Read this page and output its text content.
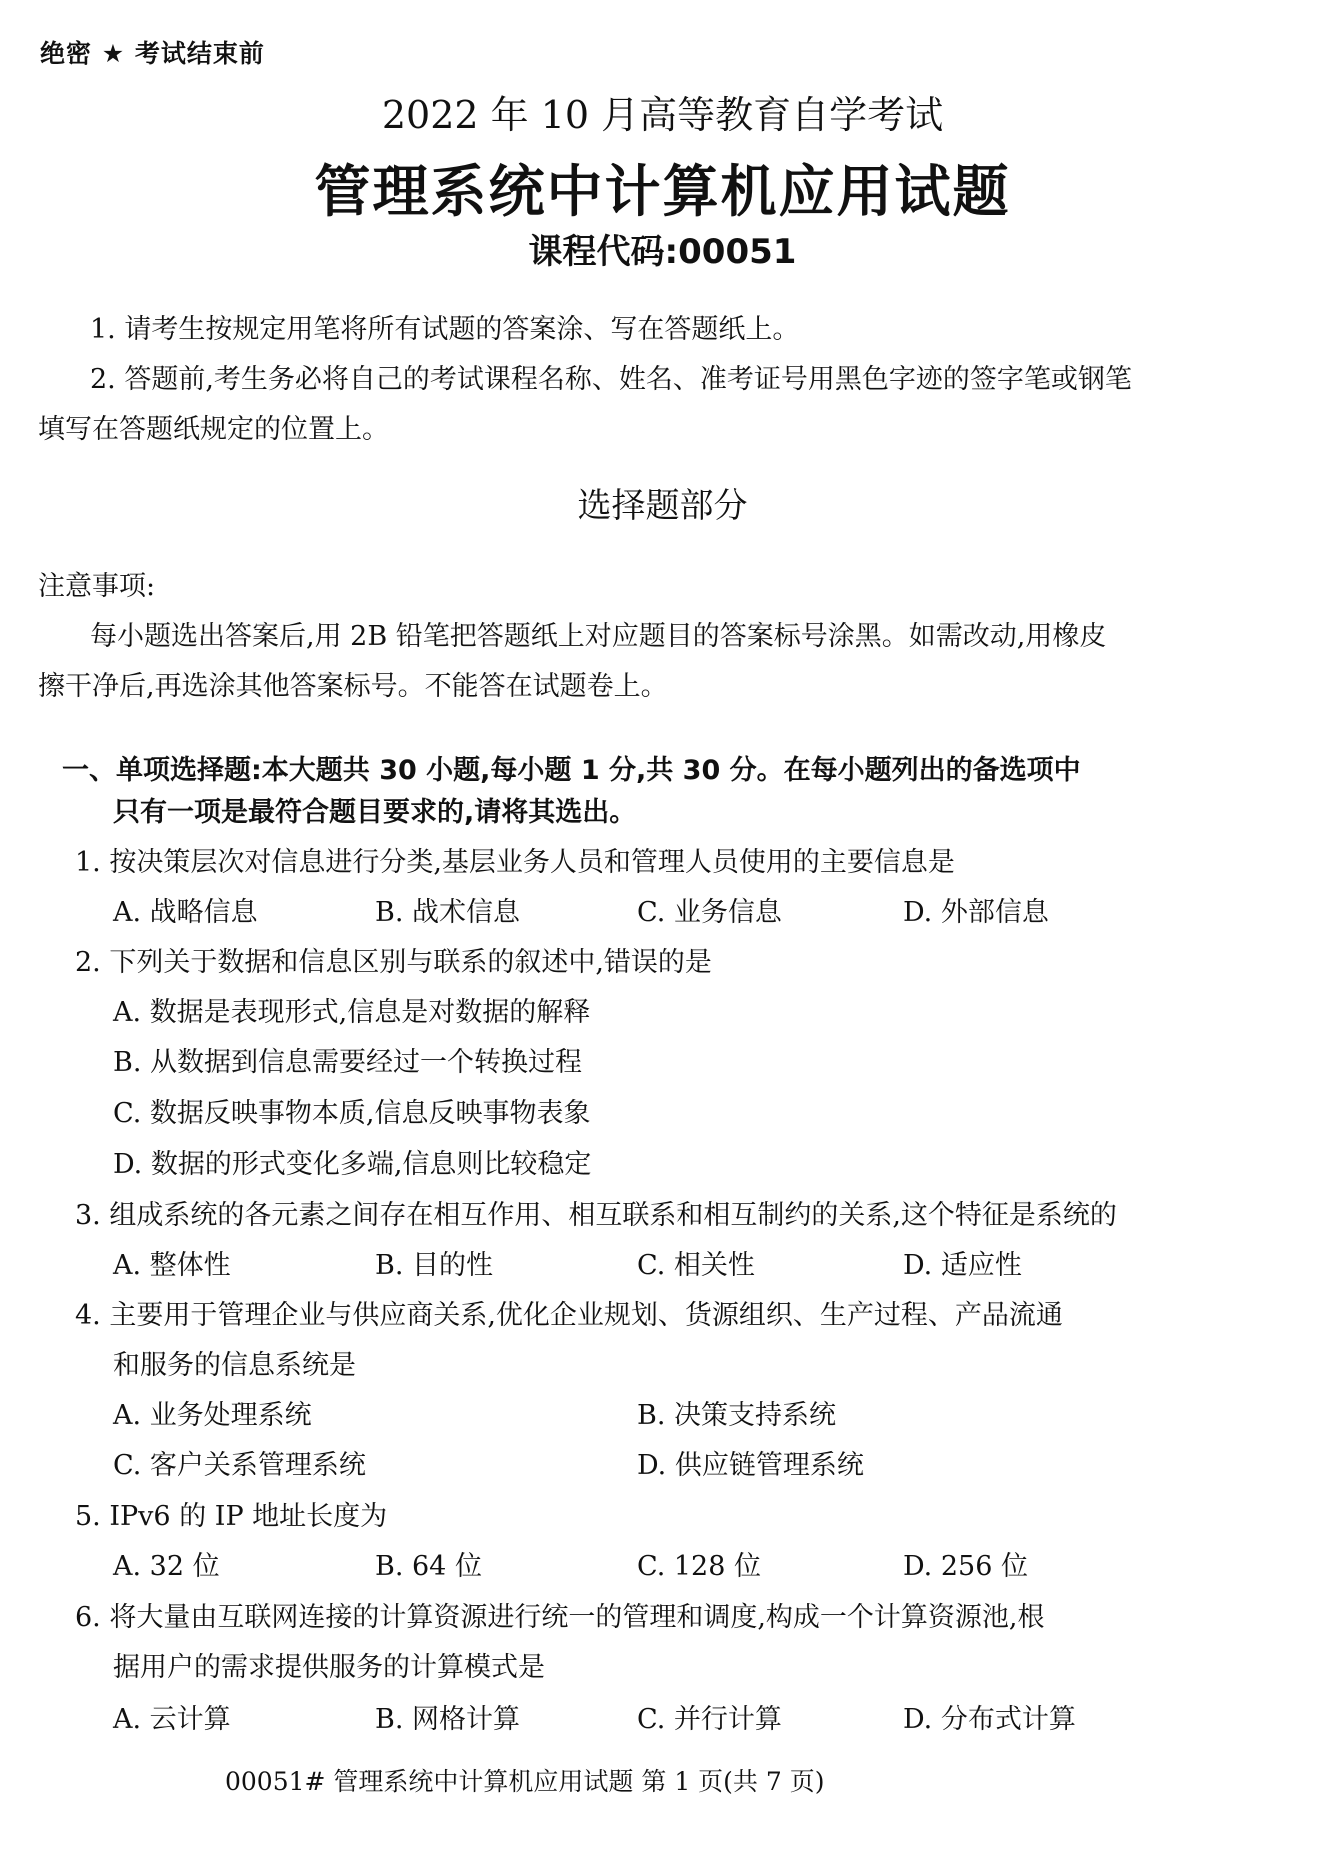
绝密 ★ 考试结束前
2022 年 10 月高等教育自学考试
管理系统中计算机应用试题
课程代码:00051
1. 请考生按规定用笔将所有试题的答案涂、写在答题纸上。
2. 答题前,考生务必将自己的考试课程名称、姓名、准考证号用黑色字迹的签字笔或钢笔
填写在答题纸规定的位置上。
选择题部分
注意事项:
每小题选出答案后,用 2B 铅笔把答题纸上对应题目的答案标号涂黑。如需改动,用橡皮
擦干净后,再选涂其他答案标号。不能答在试题卷上。
一、单项选择题:本大题共 30 小题,每小题 1 分,共 30 分。在每小题列出的备选项中
只有一项是最符合题目要求的,请将其选出。
1. 按决策层次对信息进行分类,基层业务人员和管理人员使用的主要信息是
A. 战略信息	B. 战术信息	C. 业务信息	D. 外部信息
2. 下列关于数据和信息区别与联系的叙述中,错误的是
A. 数据是表现形式,信息是对数据的解释
B. 从数据到信息需要经过一个转换过程
C. 数据反映事物本质,信息反映事物表象
D. 数据的形式变化多端,信息则比较稳定
3. 组成系统的各元素之间存在相互作用、相互联系和相互制约的关系,这个特征是系统的
A. 整体性	B. 目的性	C. 相关性	D. 适应性
4. 主要用于管理企业与供应商关系,优化企业规划、货源组织、生产过程、产品流通
和服务的信息系统是
A. 业务处理系统	B. 决策支持系统
C. 客户关系管理系统	D. 供应链管理系统
5. IPv6 的 IP 地址长度为
A. 32 位	B. 64 位	C. 128 位	D. 256 位
6. 将大量由互联网连接的计算资源进行统一的管理和调度,构成一个计算资源池,根
据用户的需求提供服务的计算模式是
A. 云计算	B. 网格计算	C. 并行计算	D. 分布式计算
00051# 管理系统中计算机应用试题 第 1 页(共 7 页)
